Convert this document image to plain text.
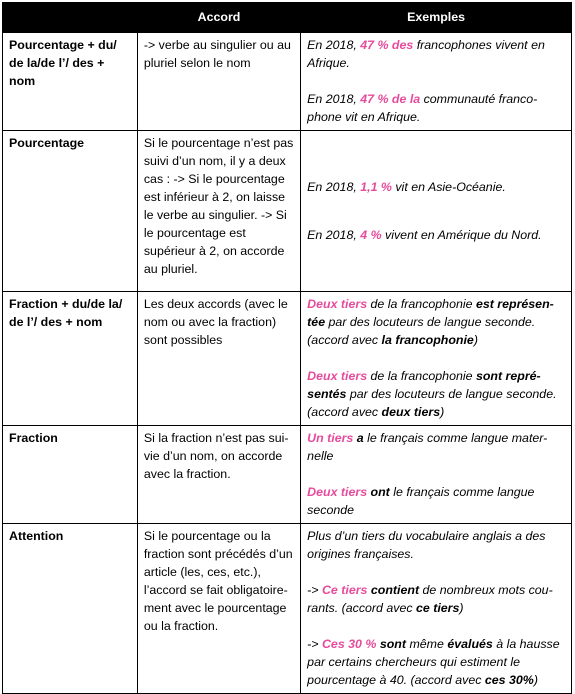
	Accord	Exemples
Pourcentage + du/ de la/de l’/ des + nom	-> verbe au singulier ou au pluriel selon le nom	En 2018, 47 % des francophones vivent en Afrique.

En 2018, 47 % de la communauté franco-phone vit en Afrique.

Pourcentage	Si le pourcentage n’est pas suivi d’un nom, il y a deux cas : -> Si le pourcentage est inférieur à 2, on laisse le verbe au singulier. -> Si le pourcentage est supérieur à 2, on accorde au pluriel.	En 2018, 1,1 % vit en Asie-Océanie.

En 2018, 4 % vivent en Amérique du Nord.

Fraction + du/de la/ de l’/ des + nom	Les deux accords (avec le nom ou avec la fraction) sont possibles	Deux tiers de la francophonie est représen-tée par des locuteurs de langue seconde. (accord avec la francophonie)

Deux tiers de la francophonie sont repré-sentés par des locuteurs de langue seconde. (accord avec deux tiers)

Fraction	Si la fraction n’est pas sui-vie d’un nom, on accorde avec la fraction.	Un tiers a le français comme langue mater-nelle

Deux tiers ont le français comme langue seconde

Attention	Si le pourcentage ou la fraction sont précédés d’un article (les, ces, etc.), l’accord se fait obligatoire-ment avec le pourcentage ou la fraction.	Plus d’un tiers du vocabulaire anglais a des origines françaises.

-> Ce tiers contient de nombreux mots cou-rants. (accord avec ce tiers)

-> Ces 30 % sont même évalués à la hausse par certains chercheurs qui estiment le pourcentage à 40. (accord avec ces 30%)
